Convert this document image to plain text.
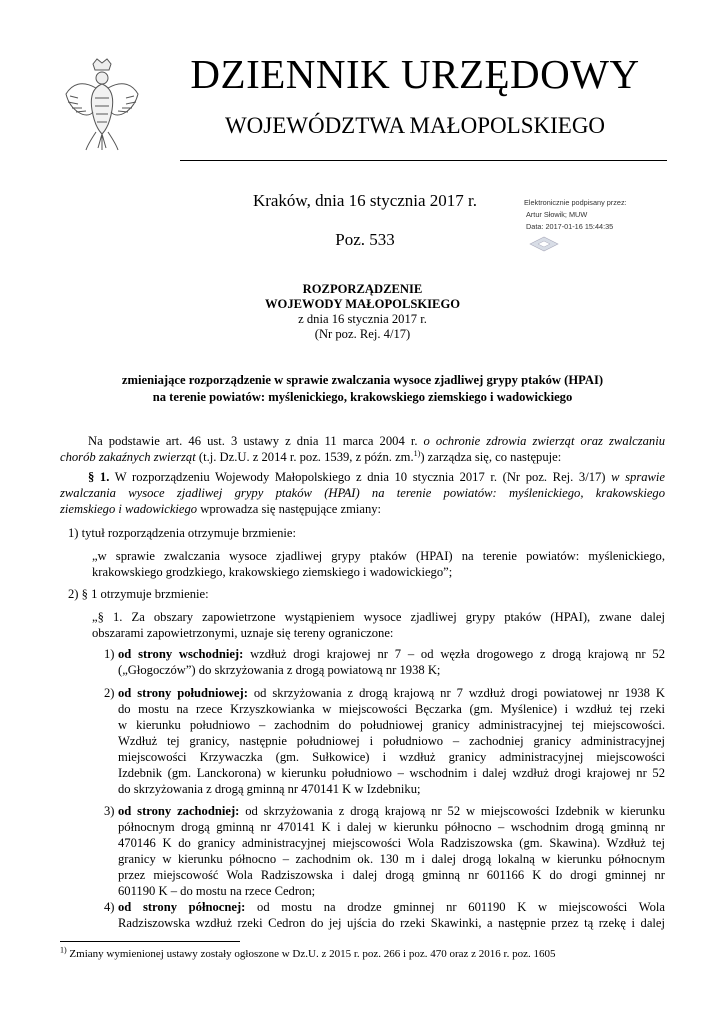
DZIENNIK URZĘDOWY
WOJEWÓDZTWA MAŁOPOLSKIEGO
Kraków, dnia 16 stycznia 2017 r.
Poz. 533
Elektronicznie podpisany przez:
Artur Słowik; MUW
Data: 2017-01-16 15:44:35
ROZPORZĄDZENIE
WOJEWODY MAŁOPOLSKIEGO
z dnia 16 stycznia 2017 r.
(Nr poz. Rej. 4/17)
zmieniające rozporządzenie w sprawie zwalczania wysoce zjadliwej grypy ptaków (HPAI)
na terenie powiatów: myślenickiego, krakowskiego ziemskiego i wadowickiego
Na podstawie art. 46 ust. 3 ustawy z dnia 11 marca 2004 r. o ochronie zdrowia zwierząt oraz zwalczaniu
chorób zakaźnych zwierząt (t.j. Dz.U. z 2014 r. poz. 1539, z późn. zm.$^{1)}$) zarządza się, co następuje:
§ 1. W rozporządzeniu Wojewody Małopolskiego z dnia 10 stycznia 2017 r. (Nr poz. Rej. 3/17) w sprawie
zwalczania wysoce zjadliwej grypy ptaków (HPAI) na terenie powiatów: myślenickiego, krakowskiego
ziemskiego i wadowickiego wprowadza się następujące zmiany:
1) tytuł rozporządzenia otrzymuje brzmienie:
„w sprawie zwalczania wysoce zjadliwej grypy ptaków (HPAI) na terenie powiatów: myślenickiego,
krakowskiego grodzkiego, krakowskiego ziemskiego i wadowickiego”;
2) § 1 otrzymuje brzmienie:
„§ 1. Za obszary zapowietrzone wystąpieniem wysoce zjadliwej grypy ptaków (HPAI), zwane dalej
obszarami zapowietrzonymi, uznaje się tereny ograniczone:
1) od strony wschodniej: wzdłuż drogi krajowej nr 7 – od węzła drogowego z drogą krajową nr 52
(„Głogoczów”) do skrzyżowania z drogą powiatową nr 1938 K;
2) od strony południowej: od skrzyżowania z drogą krajową nr 7 wzdłuż drogi powiatowej nr 1938 K
do mostu na rzece Krzyszkowianka w miejscowości Bęczarka (gm. Myślenice) i wzdłuż tej rzeki
w kierunku południowo – zachodnim do południowej granicy administracyjnej tej miejscowości.
Wzdłuż tej granicy, następnie południowej i południowo – zachodniej granicy administracyjnej
miejscowości Krzywaczka (gm. Sułkowice) i wzdłuż granicy administracyjnej miejscowości
Izdebnik (gm. Lanckorona) w kierunku południowo – wschodnim i dalej wzdłuż drogi krajowej nr 52
do skrzyżowania z drogą gminną nr 470141 K w Izdebniku;
3) od strony zachodniej: od skrzyżowania z drogą krajową nr 52 w miejscowości Izdebnik w kierunku
północnym drogą gminną nr 470141 K i dalej w kierunku północno – wschodnim drogą gminną nr
470146 K do granicy administracyjnej miejscowości Wola Radziszowska (gm. Skawina). Wzdłuż tej
granicy w kierunku północno – zachodnim ok. 130 m i dalej drogą lokalną w kierunku północnym
przez miejscowość Wola Radziszowska i dalej drogą gminną nr 601166 K do drogi gminnej nr
601190 K – do mostu na rzece Cedron;
4) od strony północnej: od mostu na drodze gminnej nr 601190 K w miejscowości Wola
Radziszowska wzdłuż rzeki Cedron do jej ujścia do rzeki Skawinki, a następnie przez tą rzekę i dalej
$^{1)}$ Zmiany wymienionej ustawy zostały ogłoszone w Dz.U. z 2015 r. poz. 266 i poz. 470 oraz z 2016 r. poz. 1605
